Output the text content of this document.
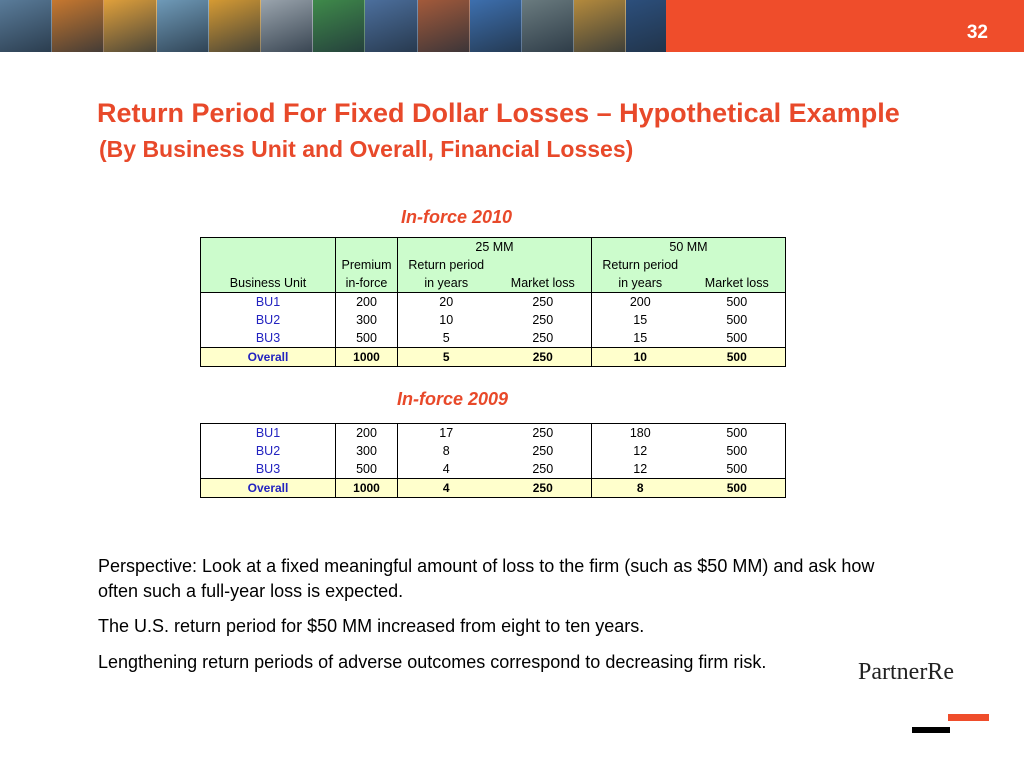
32
Return Period For Fixed Dollar Losses – Hypothetical Example
(By Business Unit and Overall, Financial Losses)
In-force 2010
		25 MM		50 MM	
	Premium	Return period		Return period	
Business Unit	in-force	in years	Market loss	in years	Market loss
BU1	200	20	250	200	500
BU2	300	10	250	15	500
BU3	500	5	250	15	500
Overall	1000	5	250	10	500
In-force 2009
BU1	200	17	250	180	500
BU2	300	8	250	12	500
BU3	500	4	250	12	500
Overall	1000	4	250	8	500
Perspective: Look at a fixed meaningful amount of loss to the firm (such as $50 MM) and ask how often such a full-year loss is expected.
The U.S. return period for $50 MM increased from eight to ten years.
Lengthening return periods of adverse outcomes correspond to decreasing firm risk.	PartnerRe
